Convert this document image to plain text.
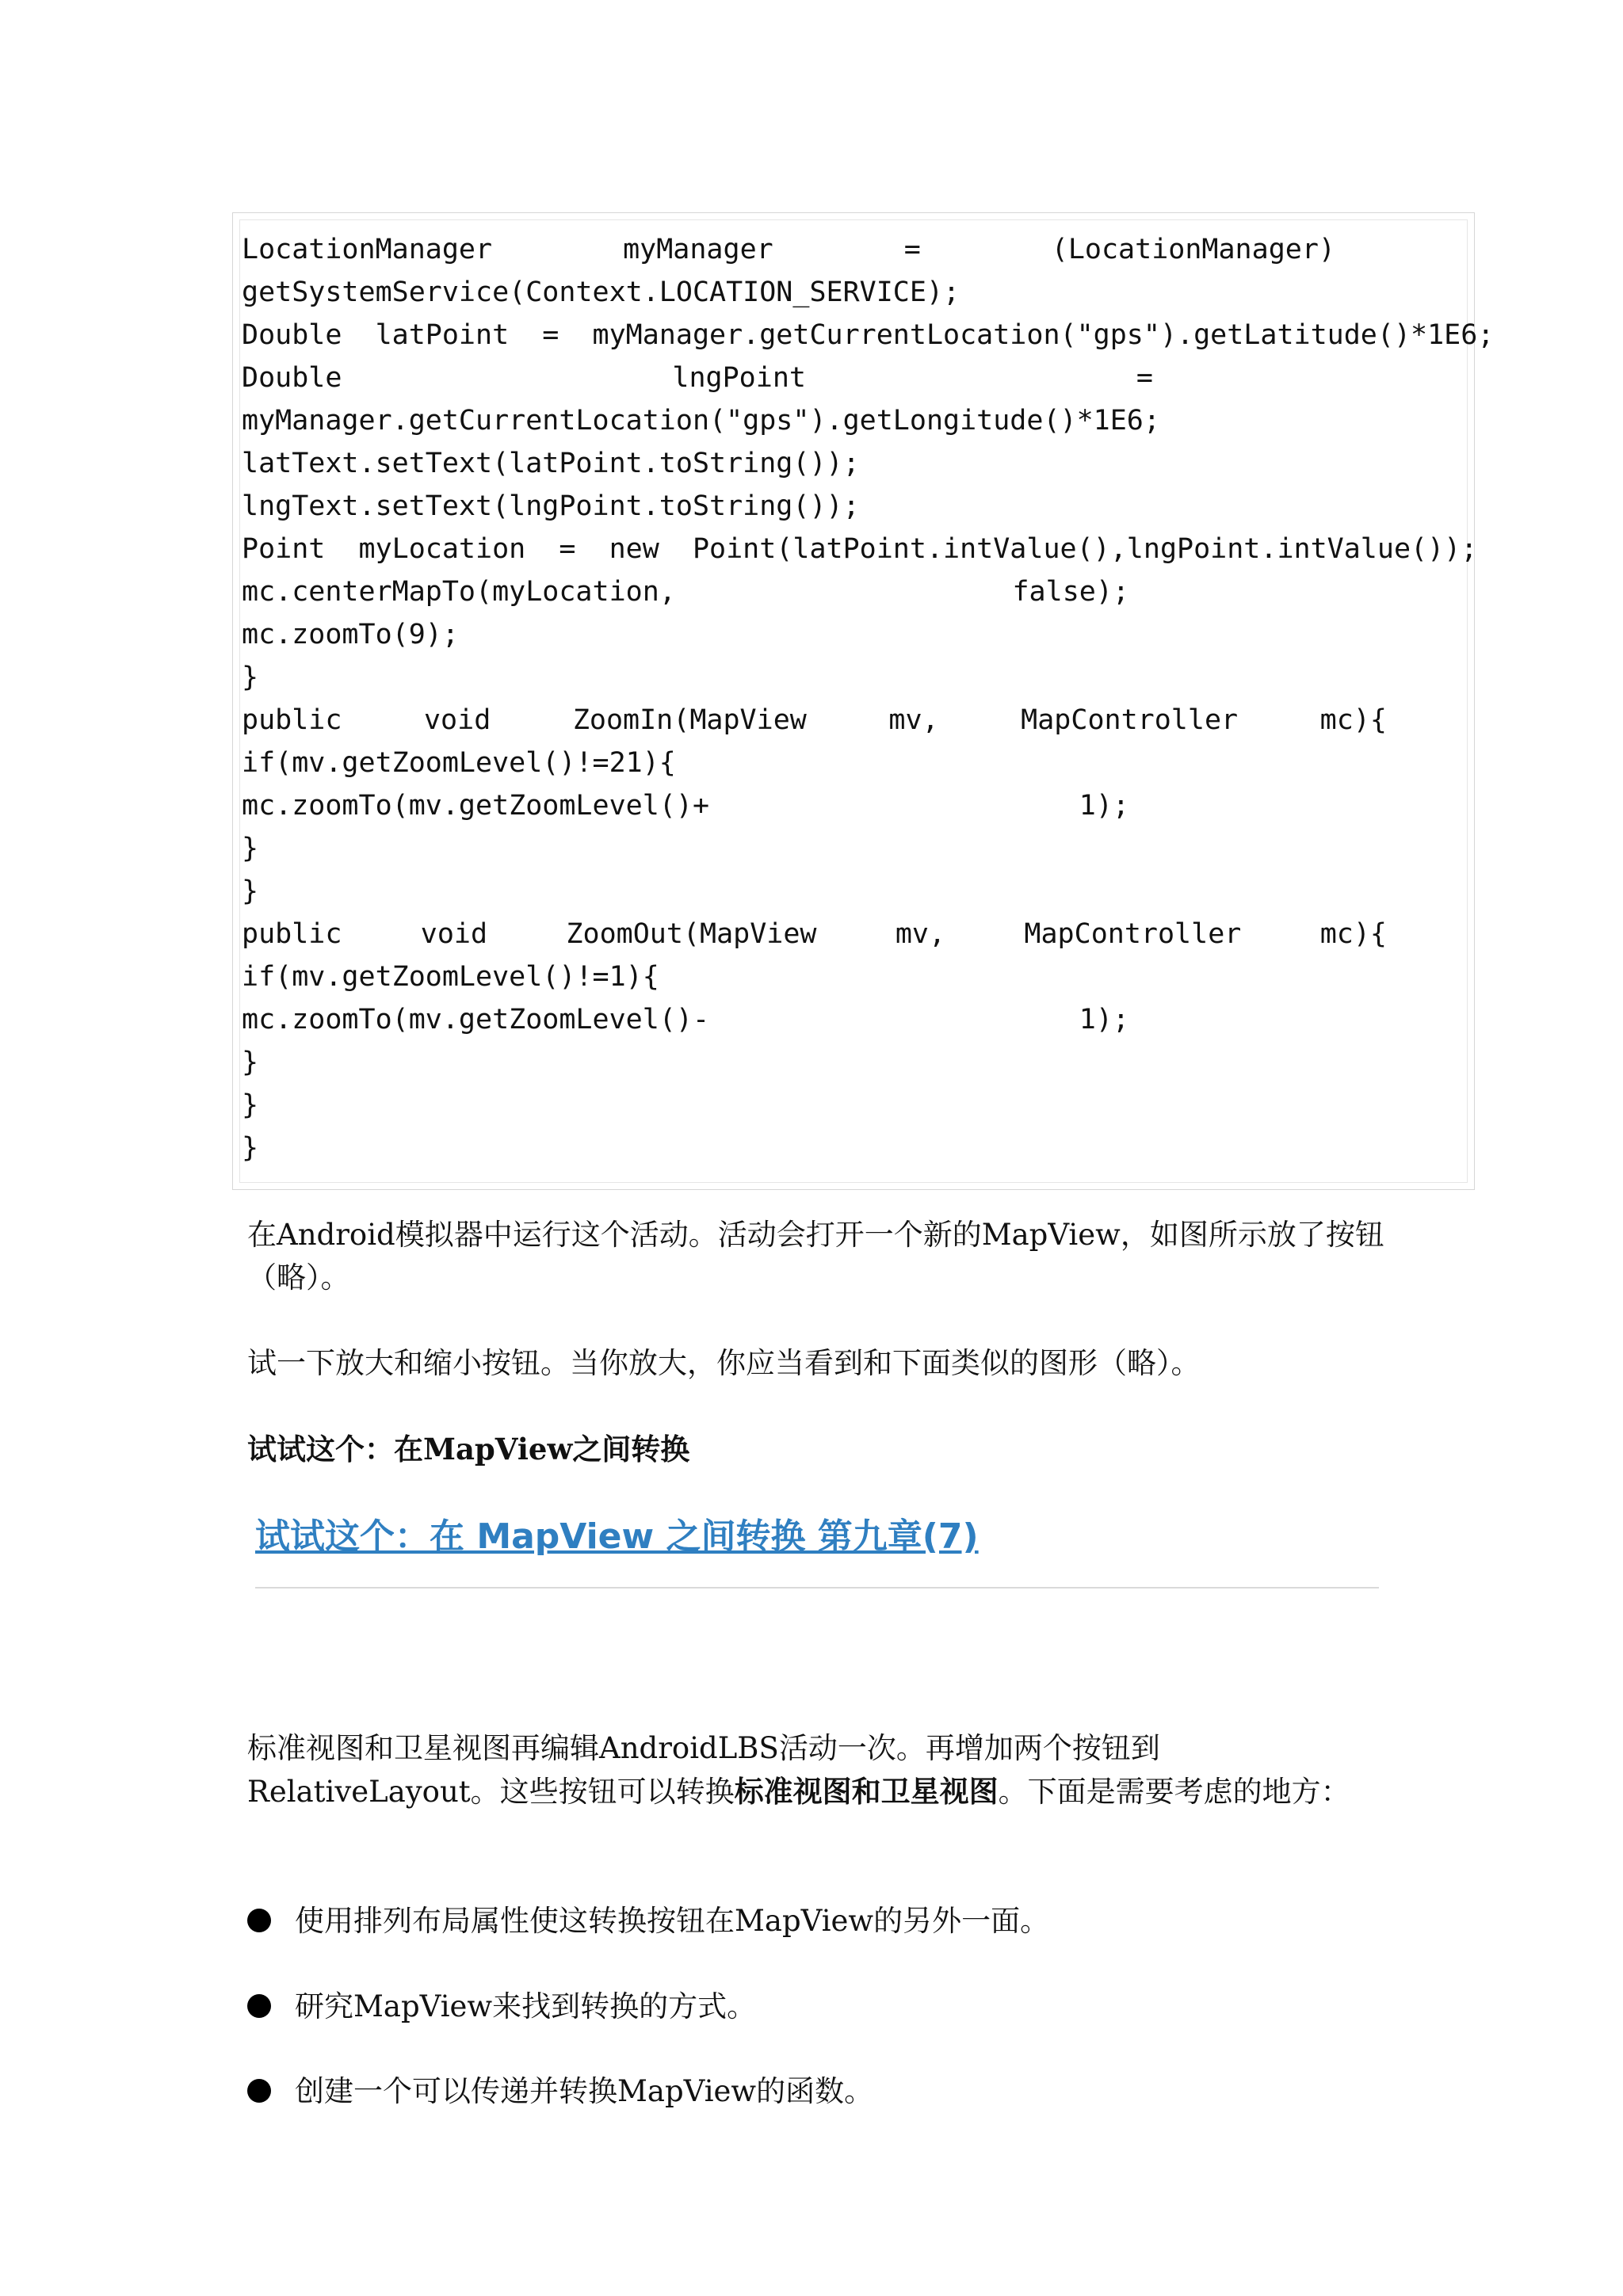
LocationManager	myManager	=	(LocationManager)
getSystemService(Context.LOCATION_SERVICE);
Double  latPoint  =  myManager.getCurrentLocation("gps").getLatitude()*1E6;
Double	lngPoint	=
myManager.getCurrentLocation("gps").getLongitude()*1E6;
latText.setText(latPoint.toString());
lngText.setText(lngPoint.toString());
Point  myLocation  =  new  Point(latPoint.intValue(),lngPoint.intValue());
mc.centerMapTo(myLocation,	false);
mc.zoomTo(9);
}
public	void	ZoomIn(MapView	mv,	MapController	mc){
if(mv.getZoomLevel()!=21){
mc.zoomTo(mv.getZoomLevel()+	1);
}
}
public	void	ZoomOut(MapView	mv,	MapController	mc){
if(mv.getZoomLevel()!=1){
mc.zoomTo(mv.getZoomLevel()-	1);
}
}
}
在Android模拟器中运行这个活动。活动会打开一个新的MapView，如图所示放了按钮（略）。
试一下放大和缩小按钮。当你放大，你应当看到和下面类似的图形（略）。
试试这个：在MapView之间转换
试试这个：在 MapView 之间转换 第九章(7)
标准视图和卫星视图再编辑AndroidLBS活动一次。再增加两个按钮到RelativeLayout。这些按钮可以转换标准视图和卫星视图。下面是需要考虑的地方：
使用排列布局属性使这转换按钮在MapView的另外一面。
研究MapView来找到转换的方式。
创建一个可以传递并转换MapView的函数。
